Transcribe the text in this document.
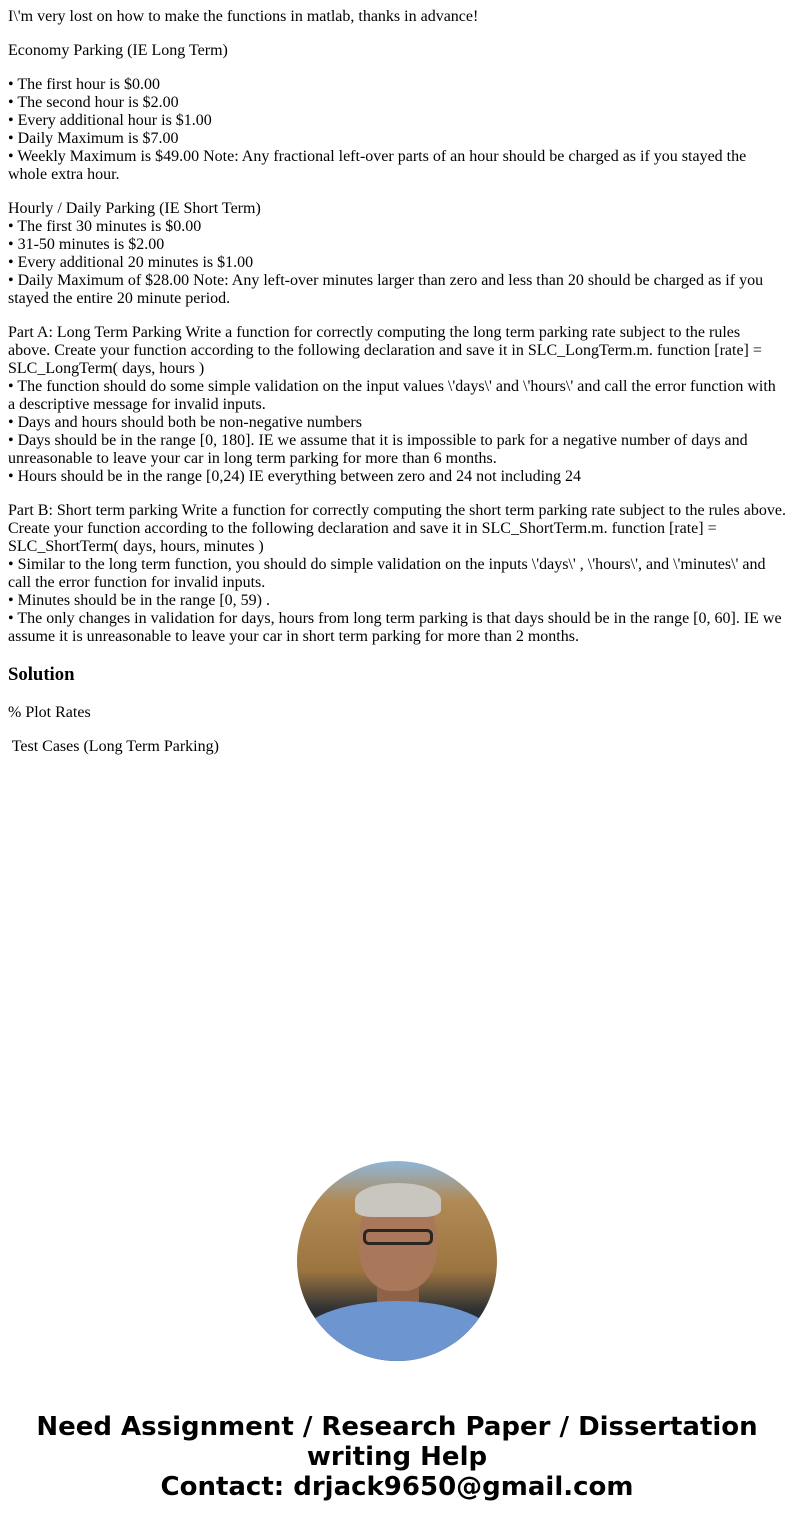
I\'m very lost on how to make the functions in matlab, thanks in advance!

Economy Parking (IE Long Term)

• The first hour is $0.00
• The second hour is $2.00
• Every additional hour is $1.00
• Daily Maximum is $7.00
• Weekly Maximum is $49.00 Note: Any fractional left-over parts of an hour should be charged as if you stayed the whole extra hour.

Hourly / Daily Parking (IE Short Term)
• The first 30 minutes is $0.00
• 31-50 minutes is $2.00
• Every additional 20 minutes is $1.00
• Daily Maximum of $28.00 Note: Any left-over minutes larger than zero and less than 20 should be charged as if you stayed the entire 20 minute period.

Part A: Long Term Parking Write a function for correctly computing the long term parking rate subject to the rules above. Create your function according to the following declaration and save it in SLC_LongTerm.m. function [rate] = SLC_LongTerm( days, hours )
• The function should do some simple validation on the input values \'days\' and \'hours\' and call the error function with a descriptive message for invalid inputs.
• Days and hours should both be non-negative numbers
• Days should be in the range [0, 180]. IE we assume that it is impossible to park for a negative number of days and unreasonable to leave your car in long term parking for more than 6 months.
• Hours should be in the range [0,24) IE everything between zero and 24 not including 24

Part B: Short term parking Write a function for correctly computing the short term parking rate subject to the rules above. Create your function according to the following declaration and save it in SLC_ShortTerm.m. function [rate] = SLC_ShortTerm( days, hours, minutes )
• Similar to the long term function, you should do simple validation on the inputs \'days\' , \'hours\', and \'minutes\' and call the error function for invalid inputs.
• Minutes should be in the range [0, 59) .
• The only changes in validation for days, hours from long term parking is that days should be in the range [0, 60]. IE we assume it is unreasonable to leave your car in short term parking for more than 2 months.

Solution

% Plot Rates

Test Cases (Long Term Parking)

Need Assignment / Research Paper / Dissertation writing Help
Contact: drjack9650@gmail.com
